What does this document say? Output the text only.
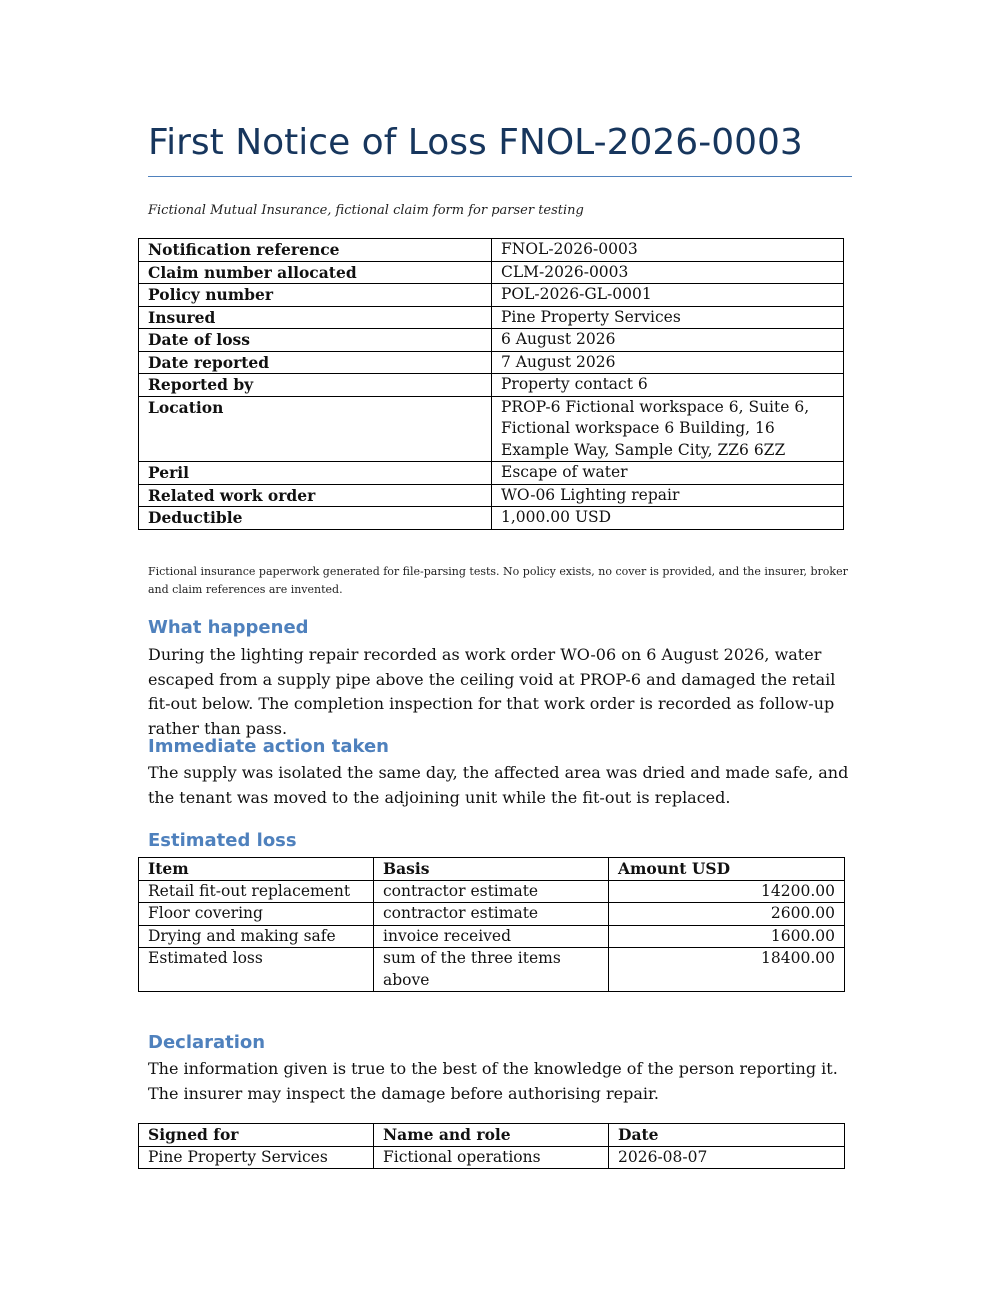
First Notice of Loss FNOL-2026-0003
Fictional Mutual Insurance, fictional claim form for parser testing
Notification reference	FNOL-2026-0003
Claim number allocated	CLM-2026-0003
Policy number	POL-2026-GL-0001
Insured	Pine Property Services
Date of loss	6 August 2026
Date reported	7 August 2026
Reported by	Property contact 6
Location	PROP-6 Fictional workspace 6, Suite 6, Fictional workspace 6 Building, 16 Example Way, Sample City, ZZ6 6ZZ
Peril	Escape of water
Related work order	WO-06 Lighting repair
Deductible	1,000.00 USD
Fictional insurance paperwork generated for file-parsing tests. No policy exists, no cover is provided, and the insurer, broker and claim references are invented.
What happened

During the lighting repair recorded as work order WO-06 on 6 August 2026, water escaped from a supply pipe above the ceiling void at PROP-6 and damaged the retail fit-out below. The completion inspection for that work order is recorded as follow-up rather than pass.

Immediate action taken

The supply was isolated the same day, the affected area was dried and made safe, and the tenant was moved to the adjoining unit while the fit-out is replaced.

Estimated loss
Item	Basis	Amount USD
Retail fit-out replacement	contractor estimate	14200.00
Floor covering	contractor estimate	2600.00
Drying and making safe	invoice received	1600.00
Estimated loss	sum of the three items above	18400.00
Declaration

The information given is true to the best of the knowledge of the person reporting it. The insurer may inspect the damage before authorising repair.

Signed for	Name and role	Date
Pine Property Services	Fictional operations	2026-08-07
